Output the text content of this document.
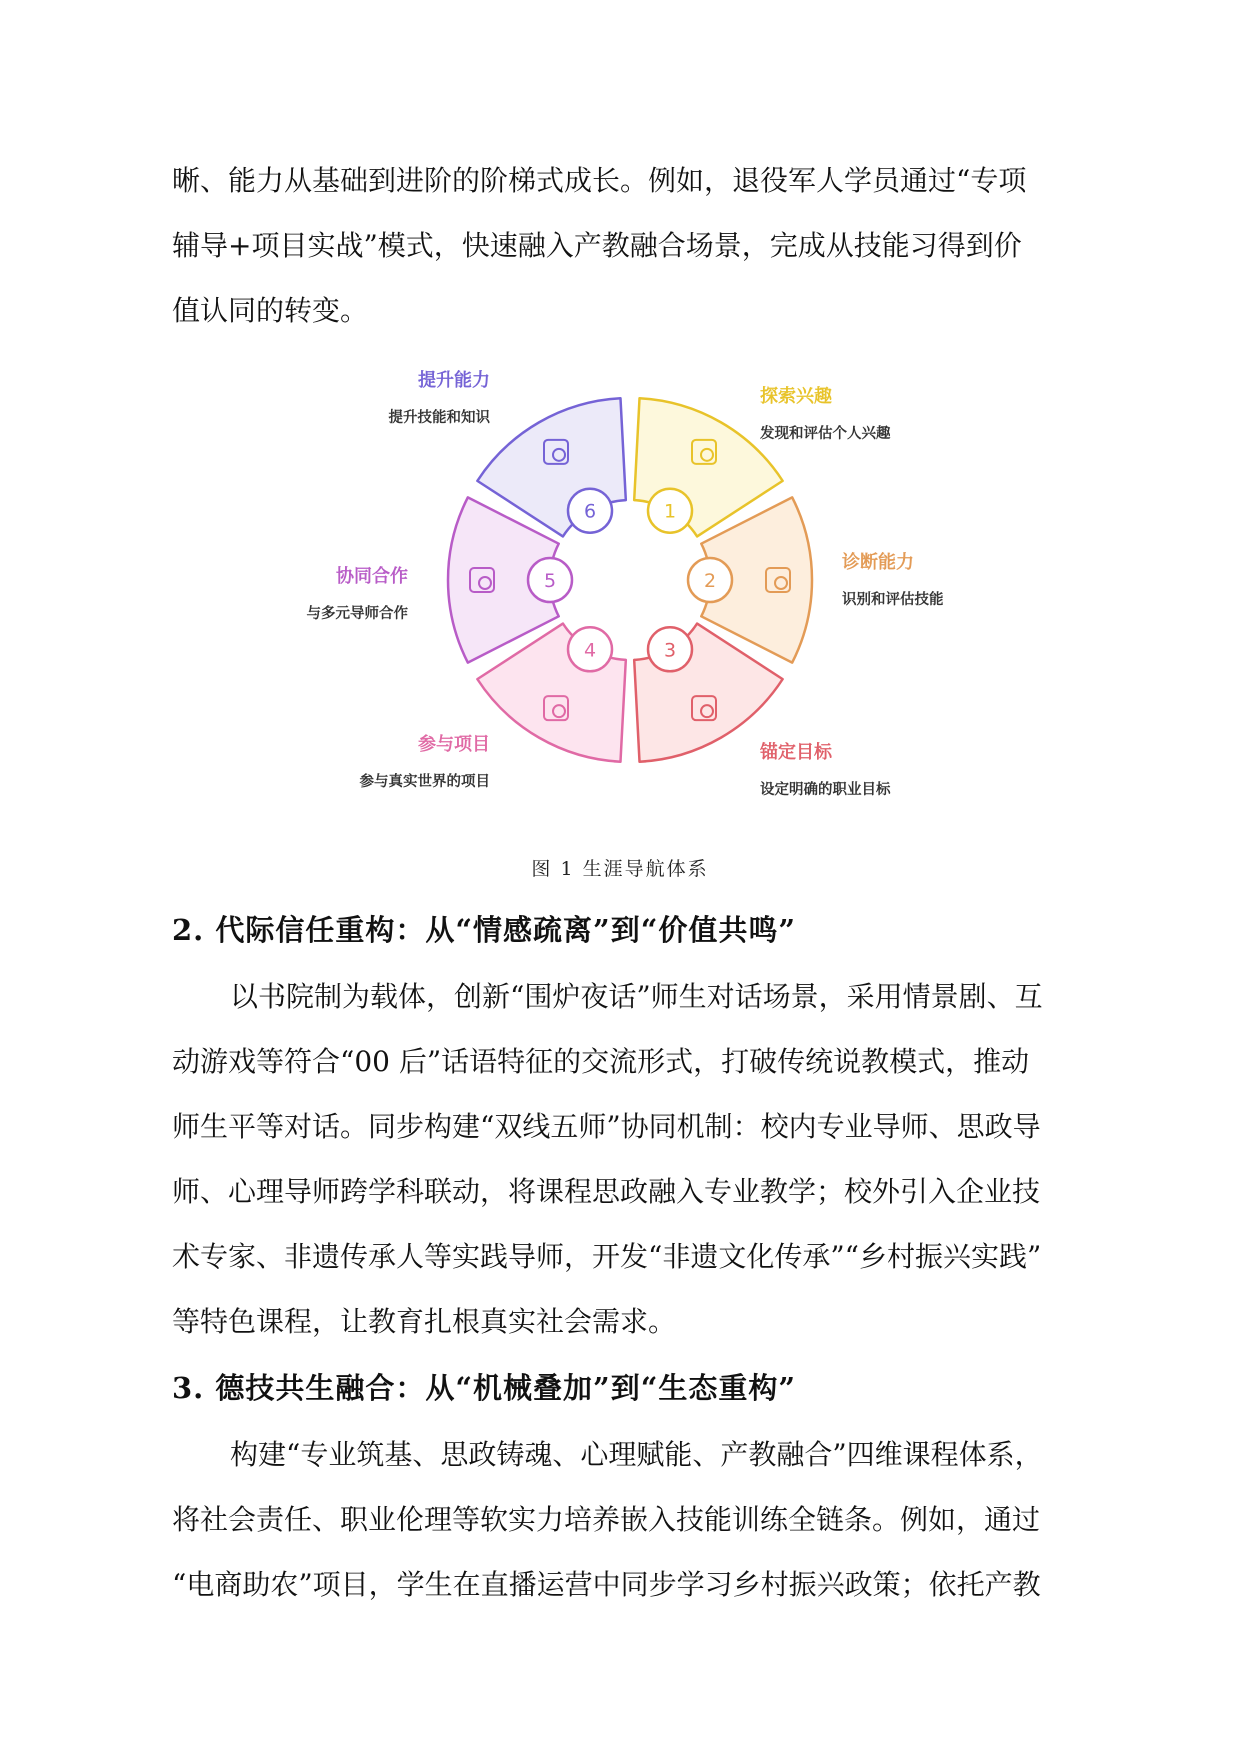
晰、能力从基础到进阶的阶梯式成长。例如，退役军人学员通过“专项
辅导+项目实战”模式，快速融入产教融合场景，完成从技能习得到价
值认同的转变。
1
2
3
4
5
6
探索兴趣
发现和评估个人兴趣
诊断能力
识别和评估技能
锚定目标
设定明确的职业目标
参与项目
参与真实世界的项目
协同合作
与多元导师合作
提升能力
提升技能和知识
图 1 生涯导航体系
2. 代际信任重构：从“情感疏离”到“价值共鸣”
以书院制为载体，创新“围炉夜话”师生对话场景，采用情景剧、互
动游戏等符合“00 后”话语特征的交流形式，打破传统说教模式，推动
师生平等对话。同步构建“双线五师”协同机制：校内专业导师、思政导
师、心理导师跨学科联动，将课程思政融入专业教学；校外引入企业技
术专家、非遗传承人等实践导师，开发“非遗文化传承”“乡村振兴实践”
等特色课程，让教育扎根真实社会需求。
3. 德技共生融合：从“机械叠加”到“生态重构”
构建“专业筑基、思政铸魂、心理赋能、产教融合”四维课程体系，
将社会责任、职业伦理等软实力培养嵌入技能训练全链条。例如，通过
“电商助农”项目，学生在直播运营中同步学习乡村振兴政策；依托产教
